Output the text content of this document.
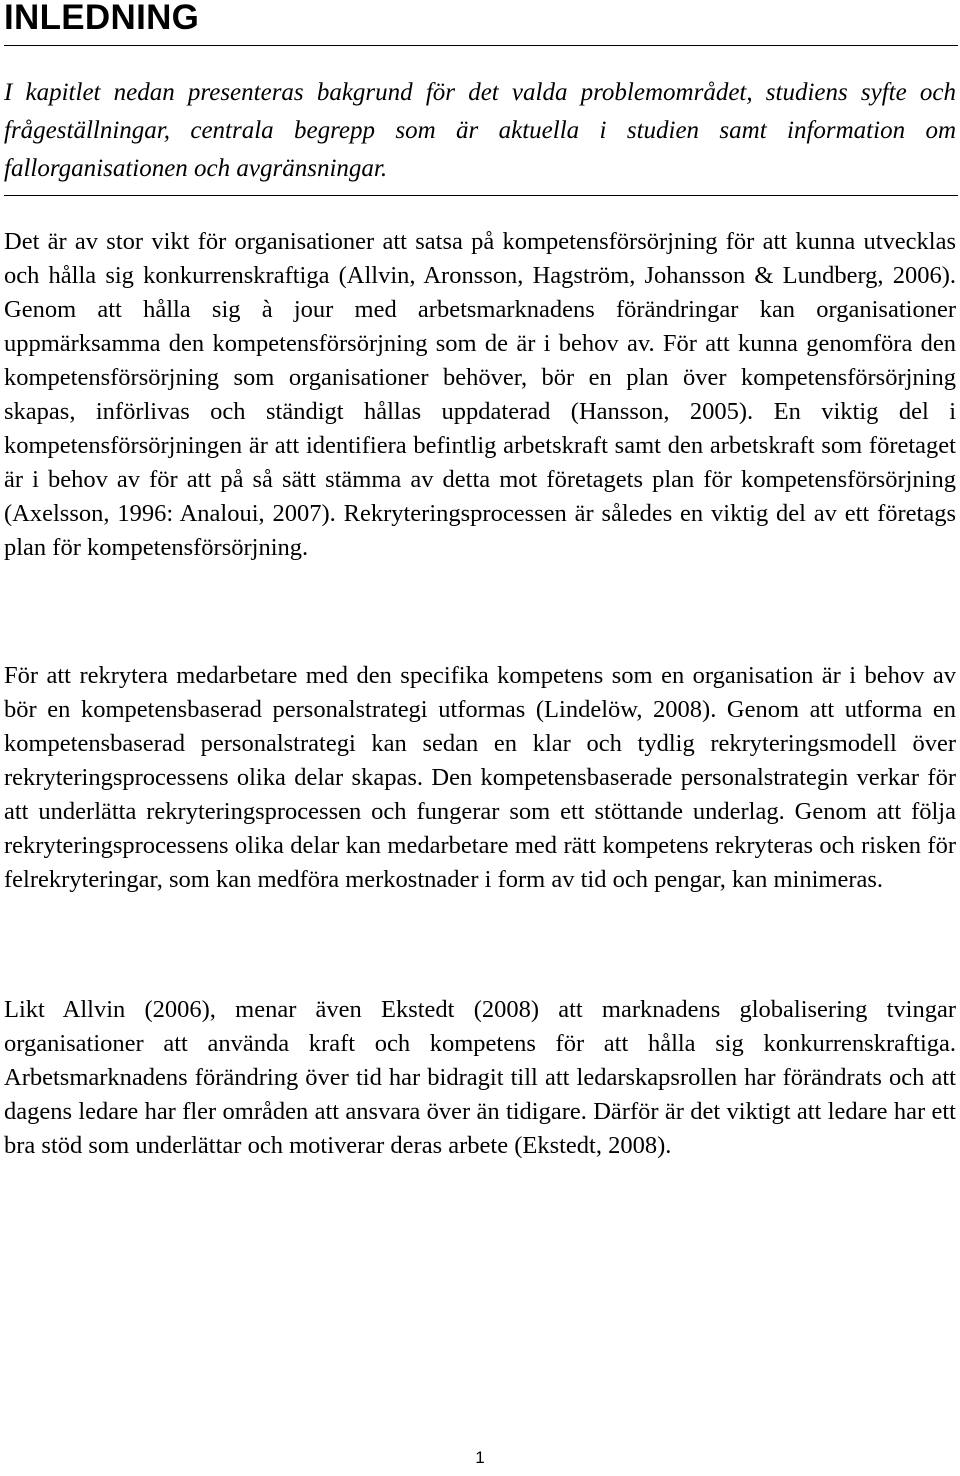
INLEDNING

I kapitlet nedan presenteras bakgrund för det valda problemområdet, studiens syfte och frågeställningar, centrala begrepp som är aktuella i studien samt information om fallorganisationen och avgränsningar.

Det är av stor vikt för organisationer att satsa på kompetensförsörjning för att kunna utvecklas och hålla sig konkurrenskraftiga (Allvin, Aronsson, Hagström, Johansson & Lundberg, 2006). Genom att hålla sig à jour med arbetsmarknadens förändringar kan organisationer uppmärksamma den kompetensförsörjning som de är i behov av. För att kunna genomföra den kompetensförsörjning som organisationer behöver, bör en plan över kompetensförsörjning skapas, införlivas och ständigt hållas uppdaterad (Hansson, 2005). En viktig del i kompetensförsörjningen är att identifiera befintlig arbetskraft samt den arbetskraft som företaget är i behov av för att på så sätt stämma av detta mot företagets plan för kompetensförsörjning (Axelsson, 1996: Analoui, 2007). Rekryteringsprocessen är således en viktig del av ett företags plan för kompetensförsörjning.

För att rekrytera medarbetare med den specifika kompetens som en organisation är i behov av bör en kompetensbaserad personalstrategi utformas (Lindelöw, 2008). Genom att utforma en kompetensbaserad personalstrategi kan sedan en klar och tydlig rekryteringsmodell över rekryteringsprocessens olika delar skapas. Den kompetensbaserade personalstrategin verkar för att underlätta rekryteringsprocessen och fungerar som ett stöttande underlag. Genom att följa rekryteringsprocessens olika delar kan medarbetare med rätt kompetens rekryteras och risken för felrekryteringar, som kan medföra merkostnader i form av tid och pengar, kan minimeras.

Likt Allvin (2006), menar även Ekstedt (2008) att marknadens globalisering tvingar organisationer att använda kraft och kompetens för att hålla sig konkurrenskraftiga. Arbetsmarknadens förändring över tid har bidragit till att ledarskapsrollen har förändrats och att dagens ledare har fler områden att ansvara över än tidigare. Därför är det viktigt att ledare har ett bra stöd som underlättar och motiverar deras arbete (Ekstedt, 2008).

1
